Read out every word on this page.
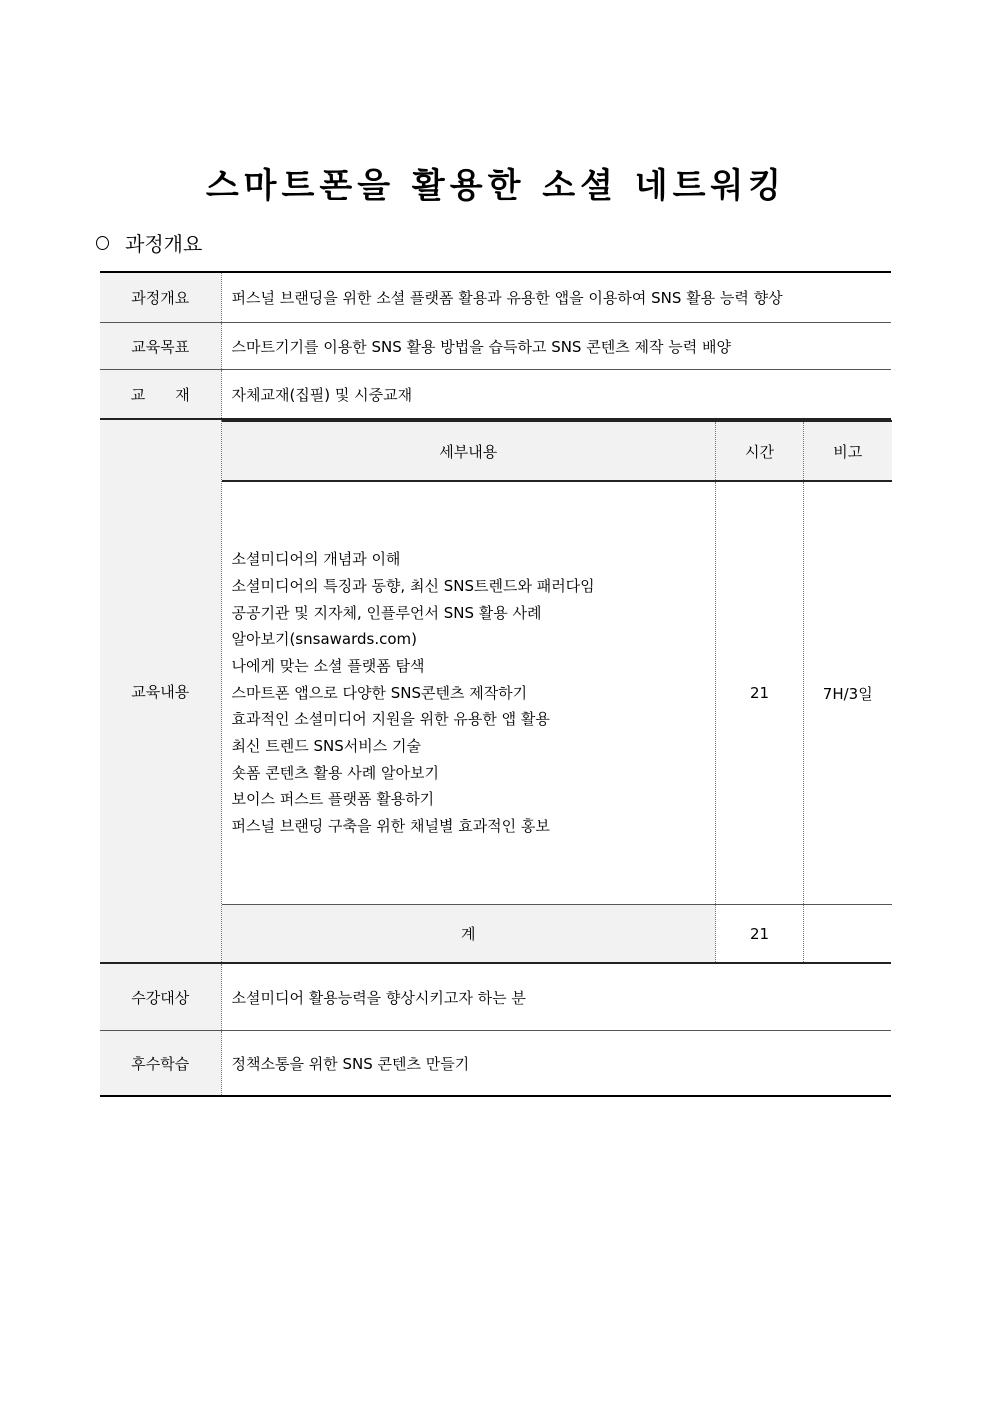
스마트폰을 활용한 소셜 네트워킹
과정개요
과정개요	퍼스널 브랜딩을 위한 소셜 플랫폼 활용과 유용한 앱을 이용하여 SNS 활용 능력 향상
교육목표	스마트기기를 이용한 SNS 활용 방법을 습득하고 SNS 콘텐츠 제작 능력 배양
교　　재	자체교재(집필) 및 시중교재
교육내용	
세부내용	시간	비고

소셜미디어의 개념과 이해
소셜미디어의 특징과 동향, 최신 SNS트렌드와 패러다임
공공기관 및 지자체, 인플루언서 SNS 활용 사례
알아보기(snsawards.com)
나에게 맞는 소셜 플랫폼 탐색
스마트폰 앱으로 다양한 SNS콘텐츠 제작하기
효과적인 소셜미디어 지원을 위한 유용한 앱 활용
최신 트렌드 SNS서비스 기술
숏폼 콘텐츠 활용 사례 알아보기
보이스 퍼스트 플랫폼 활용하기
퍼스널 브랜딩 구축을 위한 채널별 효과적인 홍보
	21	7H/3일
계	21	

수강대상	소셜미디어 활용능력을 향상시키고자 하는 분
후수학습	정책소통을 위한 SNS 콘텐츠 만들기
